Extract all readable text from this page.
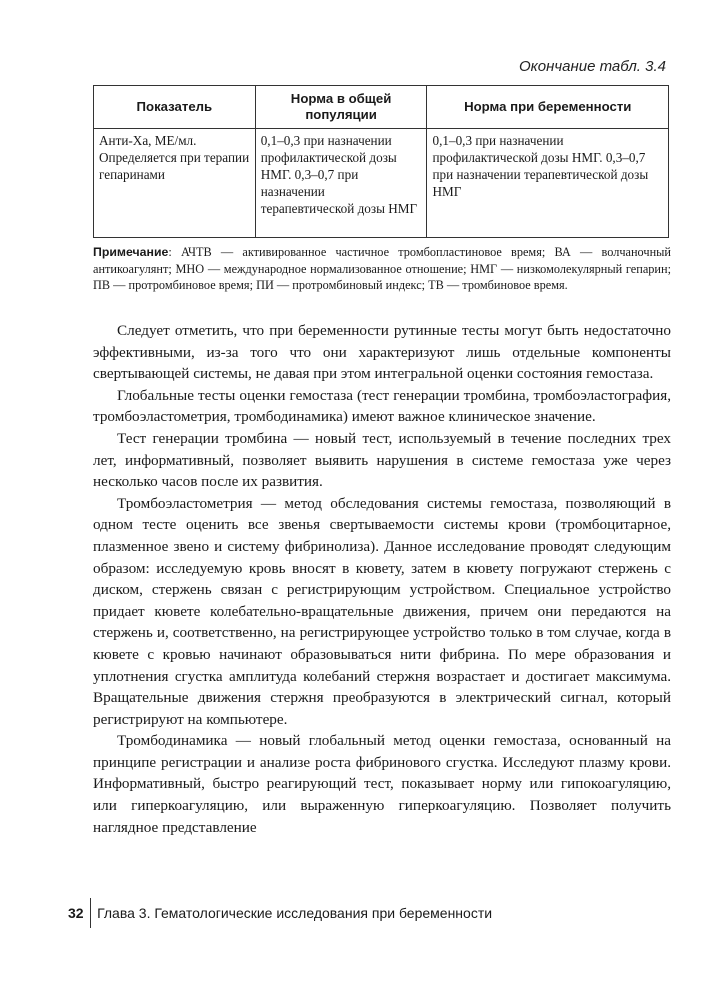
Окончание табл. 3.4
Показатель	Норма в общей популяции	Норма при беременности
Анти-Ха, МЕ/мл. Определяется при терапии гепаринами	0,1–0,3 при назначении профилактической дозы НМГ. 0,3–0,7 при назначении терапевтической дозы НМГ	0,1–0,3 при назначении профилактической дозы НМГ. 0,3–0,7 при назначении терапевтической дозы НМГ
Примечание: АЧТВ — активированное частичное тромбопластиновое время; ВА — волчаночный антикоагулянт; МНО — международное нормализованное отношение; НМГ — низкомолекулярный гепарин; ПВ — протромбиновое время; ПИ — протромбиновый индекс; ТВ — тромбиновое время.

Следует отметить, что при беременности рутинные тесты могут быть недостаточно эффективными, из-за того что они характеризуют лишь отдельные компоненты свертывающей системы, не давая при этом интегральной оценки состояния гемостаза.

Глобальные тесты оценки гемостаза (тест генерации тромбина, тромбоэластография, тромбоэластометрия, тромбодинамика) имеют важное клиническое значение.

Тест генерации тромбина — новый тест, используемый в течение последних трех лет, информативный, позволяет выявить нарушения в системе гемостаза уже через несколько часов после их развития.

Тромбоэластометрия — метод обследования системы гемостаза, позволяющий в одном тесте оценить все звенья свертываемости системы крови (тромбоцитарное, плазменное звено и систему фибринолиза). Данное исследование проводят следующим образом: исследуемую кровь вносят в кювету, затем в кювету погружают стержень с диском, стержень связан с регистрирующим устройством. Специальное устройство придает кювете колебательно-вращательные движения, причем они передаются на стержень и, соответственно, на регистрирующее устройство только в том случае, когда в кювете с кровью начинают образовываться нити фибрина. По мере образования и уплотнения сгустка амплитуда колебаний стержня возрастает и достигает максимума. Вращательные движения стержня преобразуются в электрический сигнал, который регистрируют на компьютере.

Тромбодинамика — новый глобальный метод оценки гемостаза, основанный на принципе регистрации и анализе роста фибринового сгустка. Исследуют плазму крови. Информативный, быстро реагирующий тест, показывает норму или гипокоагуляцию, или гиперкоагуляцию, или выраженную гиперкоагуляцию. Позволяет получить наглядное представление

32 Глава 3. Гематологические исследования при беременности
